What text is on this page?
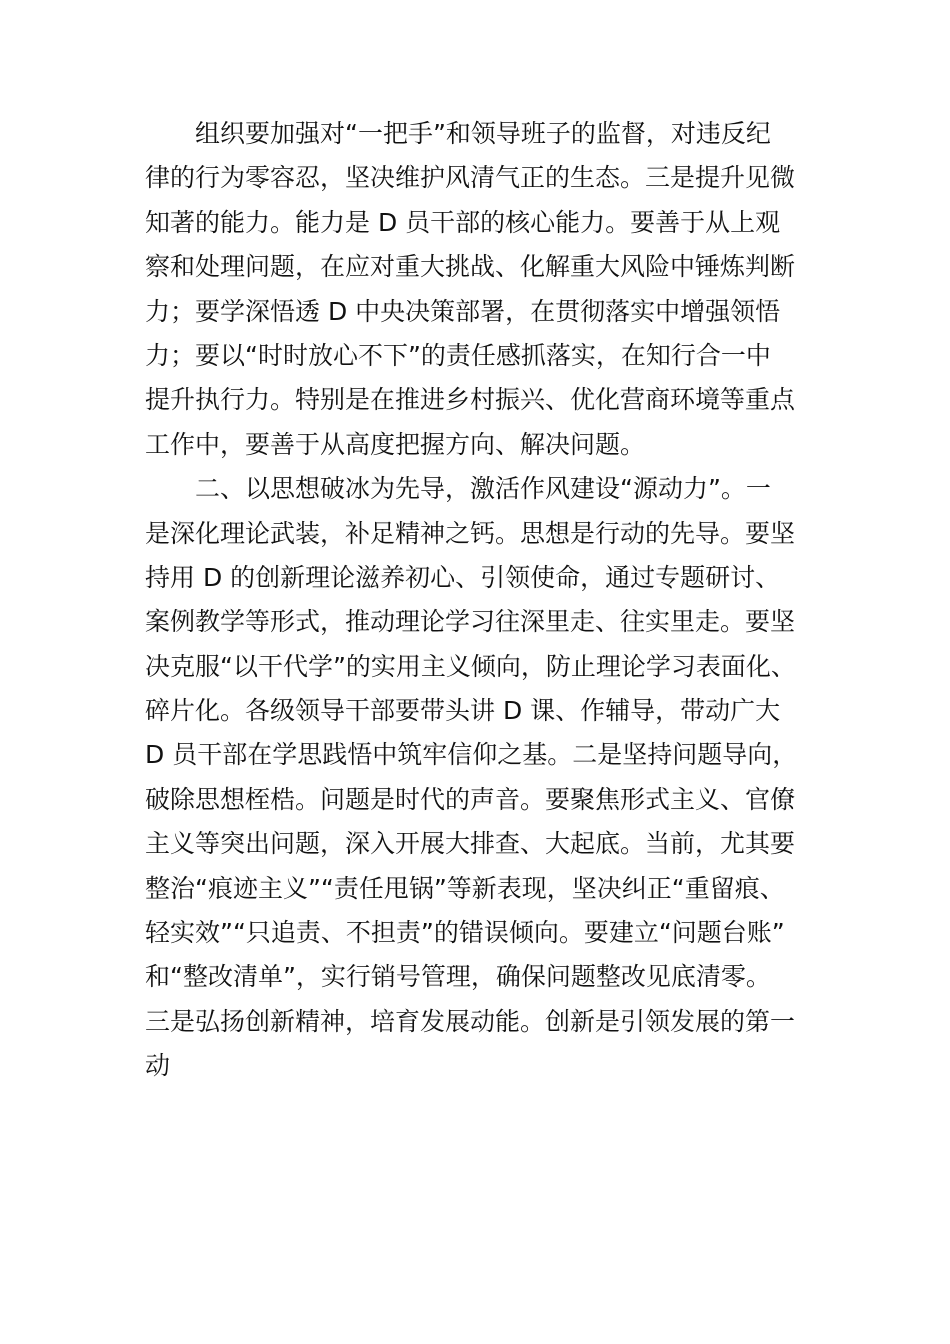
　　组织要加强对“一把手”和领导班子的监督，对违反纪
律的行为零容忍，坚决维护风清气正的生态。三是提升见微
知著的能力。能力是 D 员干部的核心能力。要善于从上观
察和处理问题，在应对重大挑战、化解重大风险中锤炼判断
力；要学深悟透 D 中央决策部署，在贯彻落实中增强领悟
力；要以“时时放心不下”的责任感抓落实，在知行合一中
提升执行力。特别是在推进乡村振兴、优化营商环境等重点
工作中，要善于从高度把握方向、解决问题。
　　二、以思想破冰为先导，激活作风建设“源动力”。一
是深化理论武装，补足精神之钙。思想是行动的先导。要坚
持用 D 的创新理论滋养初心、引领使命，通过专题研讨、
案例教学等形式，推动理论学习往深里走、往实里走。要坚
决克服“以干代学”的实用主义倾向，防止理论学习表面化、
碎片化。各级领导干部要带头讲 D 课、作辅导，带动广大
D 员干部在学思践悟中筑牢信仰之基。二是坚持问题导向，
破除思想桎梏。问题是时代的声音。要聚焦形式主义、官僚
主义等突出问题，深入开展大排查、大起底。当前，尤其要
整治“痕迹主义”“责任甩锅”等新表现，坚决纠正“重留痕、
轻实效”“只追责、不担责”的错误倾向。要建立“问题台账”
和“整改清单”，实行销号管理，确保问题整改见底清零。
三是弘扬创新精神，培育发展动能。创新是引领发展的第一
动
